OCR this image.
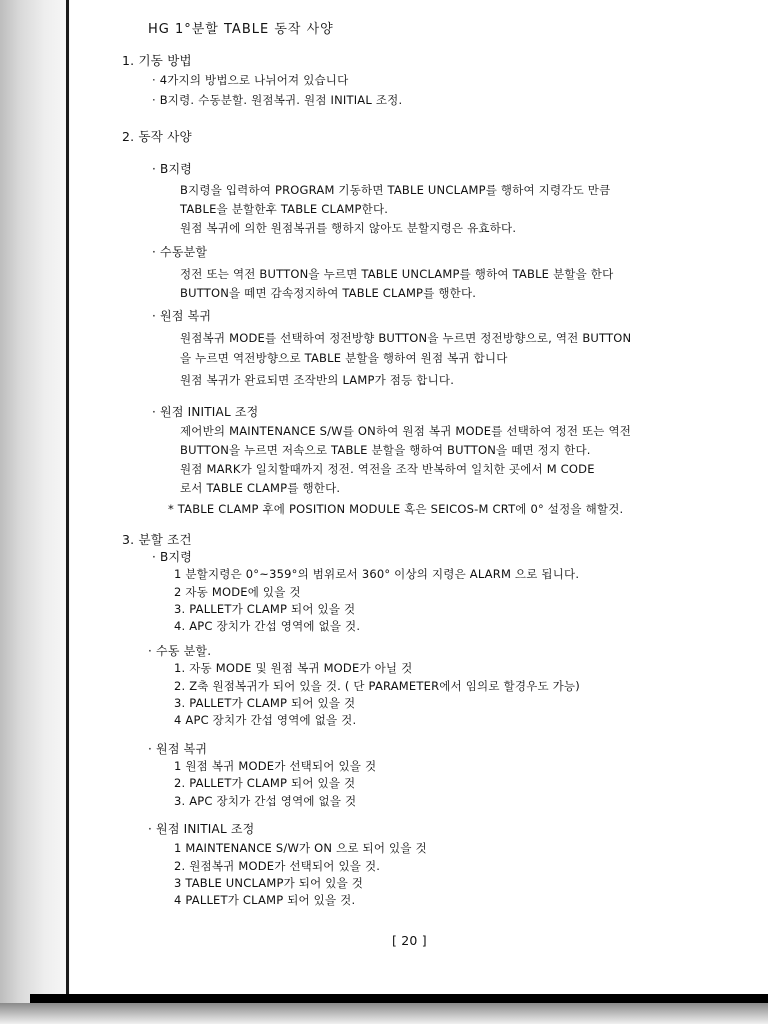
HG 1°분할 TABLE 동작 사양
1. 기동 방법
· 4가지의 방법으로 나뉘어져 있습니다
· B지령. 수동분할. 원점복귀. 원점 INITIAL 조정.
2. 동작 사양
· B지령
B지령을 입력하여 PROGRAM 기동하면 TABLE UNCLAMP를 행하여 지령각도 만큼
TABLE을 분할한후 TABLE CLAMP한다.
원점 복귀에 의한 원점복귀를 행하지 않아도 분할지령은 유효하다.
· 수동분할
정전 또는 역전 BUTTON을 누르면 TABLE UNCLAMP를 행하여 TABLE 분할을 한다
BUTTON을 떼면 감속정지하여 TABLE CLAMP를 행한다.
· 원점 복귀
원점복귀 MODE를 선택하여 정전방향 BUTTON을 누르면 정전방향으로, 역전 BUTTON
을 누르면 역전방향으로 TABLE 분할을 행하여 원점 복귀 합니다
원점 복귀가 완료되면 조작반의 LAMP가 점등 합니다.
· 원점 INITIAL 조정
제어반의 MAINTENANCE S/W를 ON하여 원점 복귀 MODE를 선택하여 정전 또는 역전
BUTTON을 누르면 저속으로 TABLE 분할을 행하여 BUTTON을 떼면 정지 한다.
원점 MARK가 일치할때까지 정전. 역전을 조작 반복하여 일치한 곳에서 M CODE
로서 TABLE CLAMP를 행한다.
* TABLE CLAMP 후에 POSITION MODULE 혹은 SEICOS-M CRT에 0° 설정을 해할것.
3. 분할 조건
· B지령
1 분할지령은 0°~359°의 범위로서 360° 이상의 지령은 ALARM 으로 됩니다.
2 자동 MODE에 있을 것
3. PALLET가 CLAMP 되어 있을 것
4. APC 장치가 간섭 영역에 없을 것.
· 수동 분할.
1. 자동 MODE 및 원점 복귀 MODE가 아닐 것
2. Z축 원점복귀가 되어 있을 것. ( 단 PARAMETER에서 임의로 할경우도 가능)
3. PALLET가 CLAMP 되어 있을 것
4 APC 장치가 간섭 영역에 없을 것.
· 원점 복귀
1 원점 복귀 MODE가 선택되어 있을 것
2. PALLET가 CLAMP 되어 있을 것
3. APC 장치가 간섭 영역에 없을 것
· 원점 INITIAL 조정
1 MAINTENANCE S/W가 ON 으로 되어 있을 것
2. 원점복귀 MODE가 선택되어 있을 것.
3 TABLE UNCLAMP가 되어 있을 것
4 PALLET가 CLAMP 되어 있을 것.
[ 20 ]
